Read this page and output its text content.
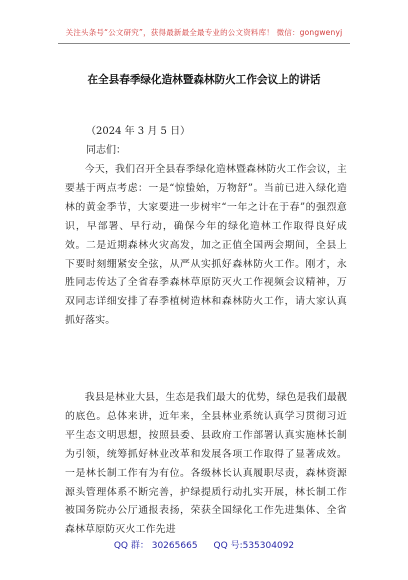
关注头条号“公文研究”，获得最新最全最专业的公文资料库！ 微信：gongwenyj
在全县春季绿化造林暨森林防火工作会议上的讲话
（2024 年 3 月 5 日）
同志们：

今天，我们召开全县春季绿化造林暨森林防火工作会议，主要基于两点考虑：一是“惊蛰始，万物舒”。当前已进入绿化造林的黄金季节，大家要进一步树牢“一年之计在于春”的强烈意识，早部署、早行动，确保今年的绿化造林工作取得良好成效。二是近期森林火灾高发，加之正值全国两会期间，全县上下要时刻绷紧安全弦，从严从实抓好森林防火工作。刚才，永胜同志传达了全省春季森林草原防灭火工作视频会议精神，万双同志详细安排了春季植树造林和森林防火工作，请大家认真抓好落实。

我县是林业大县，生态是我们最大的优势，绿色是我们最靓的底色。总体来讲，近年来，全县林业系统认真学习贯彻习近平生态文明思想，按照县委、县政府工作部署认真实施林长制为引领，统筹抓好林业改革和发展各项工作取得了显著成效。一是林长制工作有为有位。各级林长认真履职尽责，森林资源源头管理体系不断完善，护绿提质行动扎实开展，林长制工作被国务院办公厅通报表扬，荣获全国绿化工作先进集体、全省森林草原防灭火工作先进

QQ 群： 30265665 QQ 号:535304092
